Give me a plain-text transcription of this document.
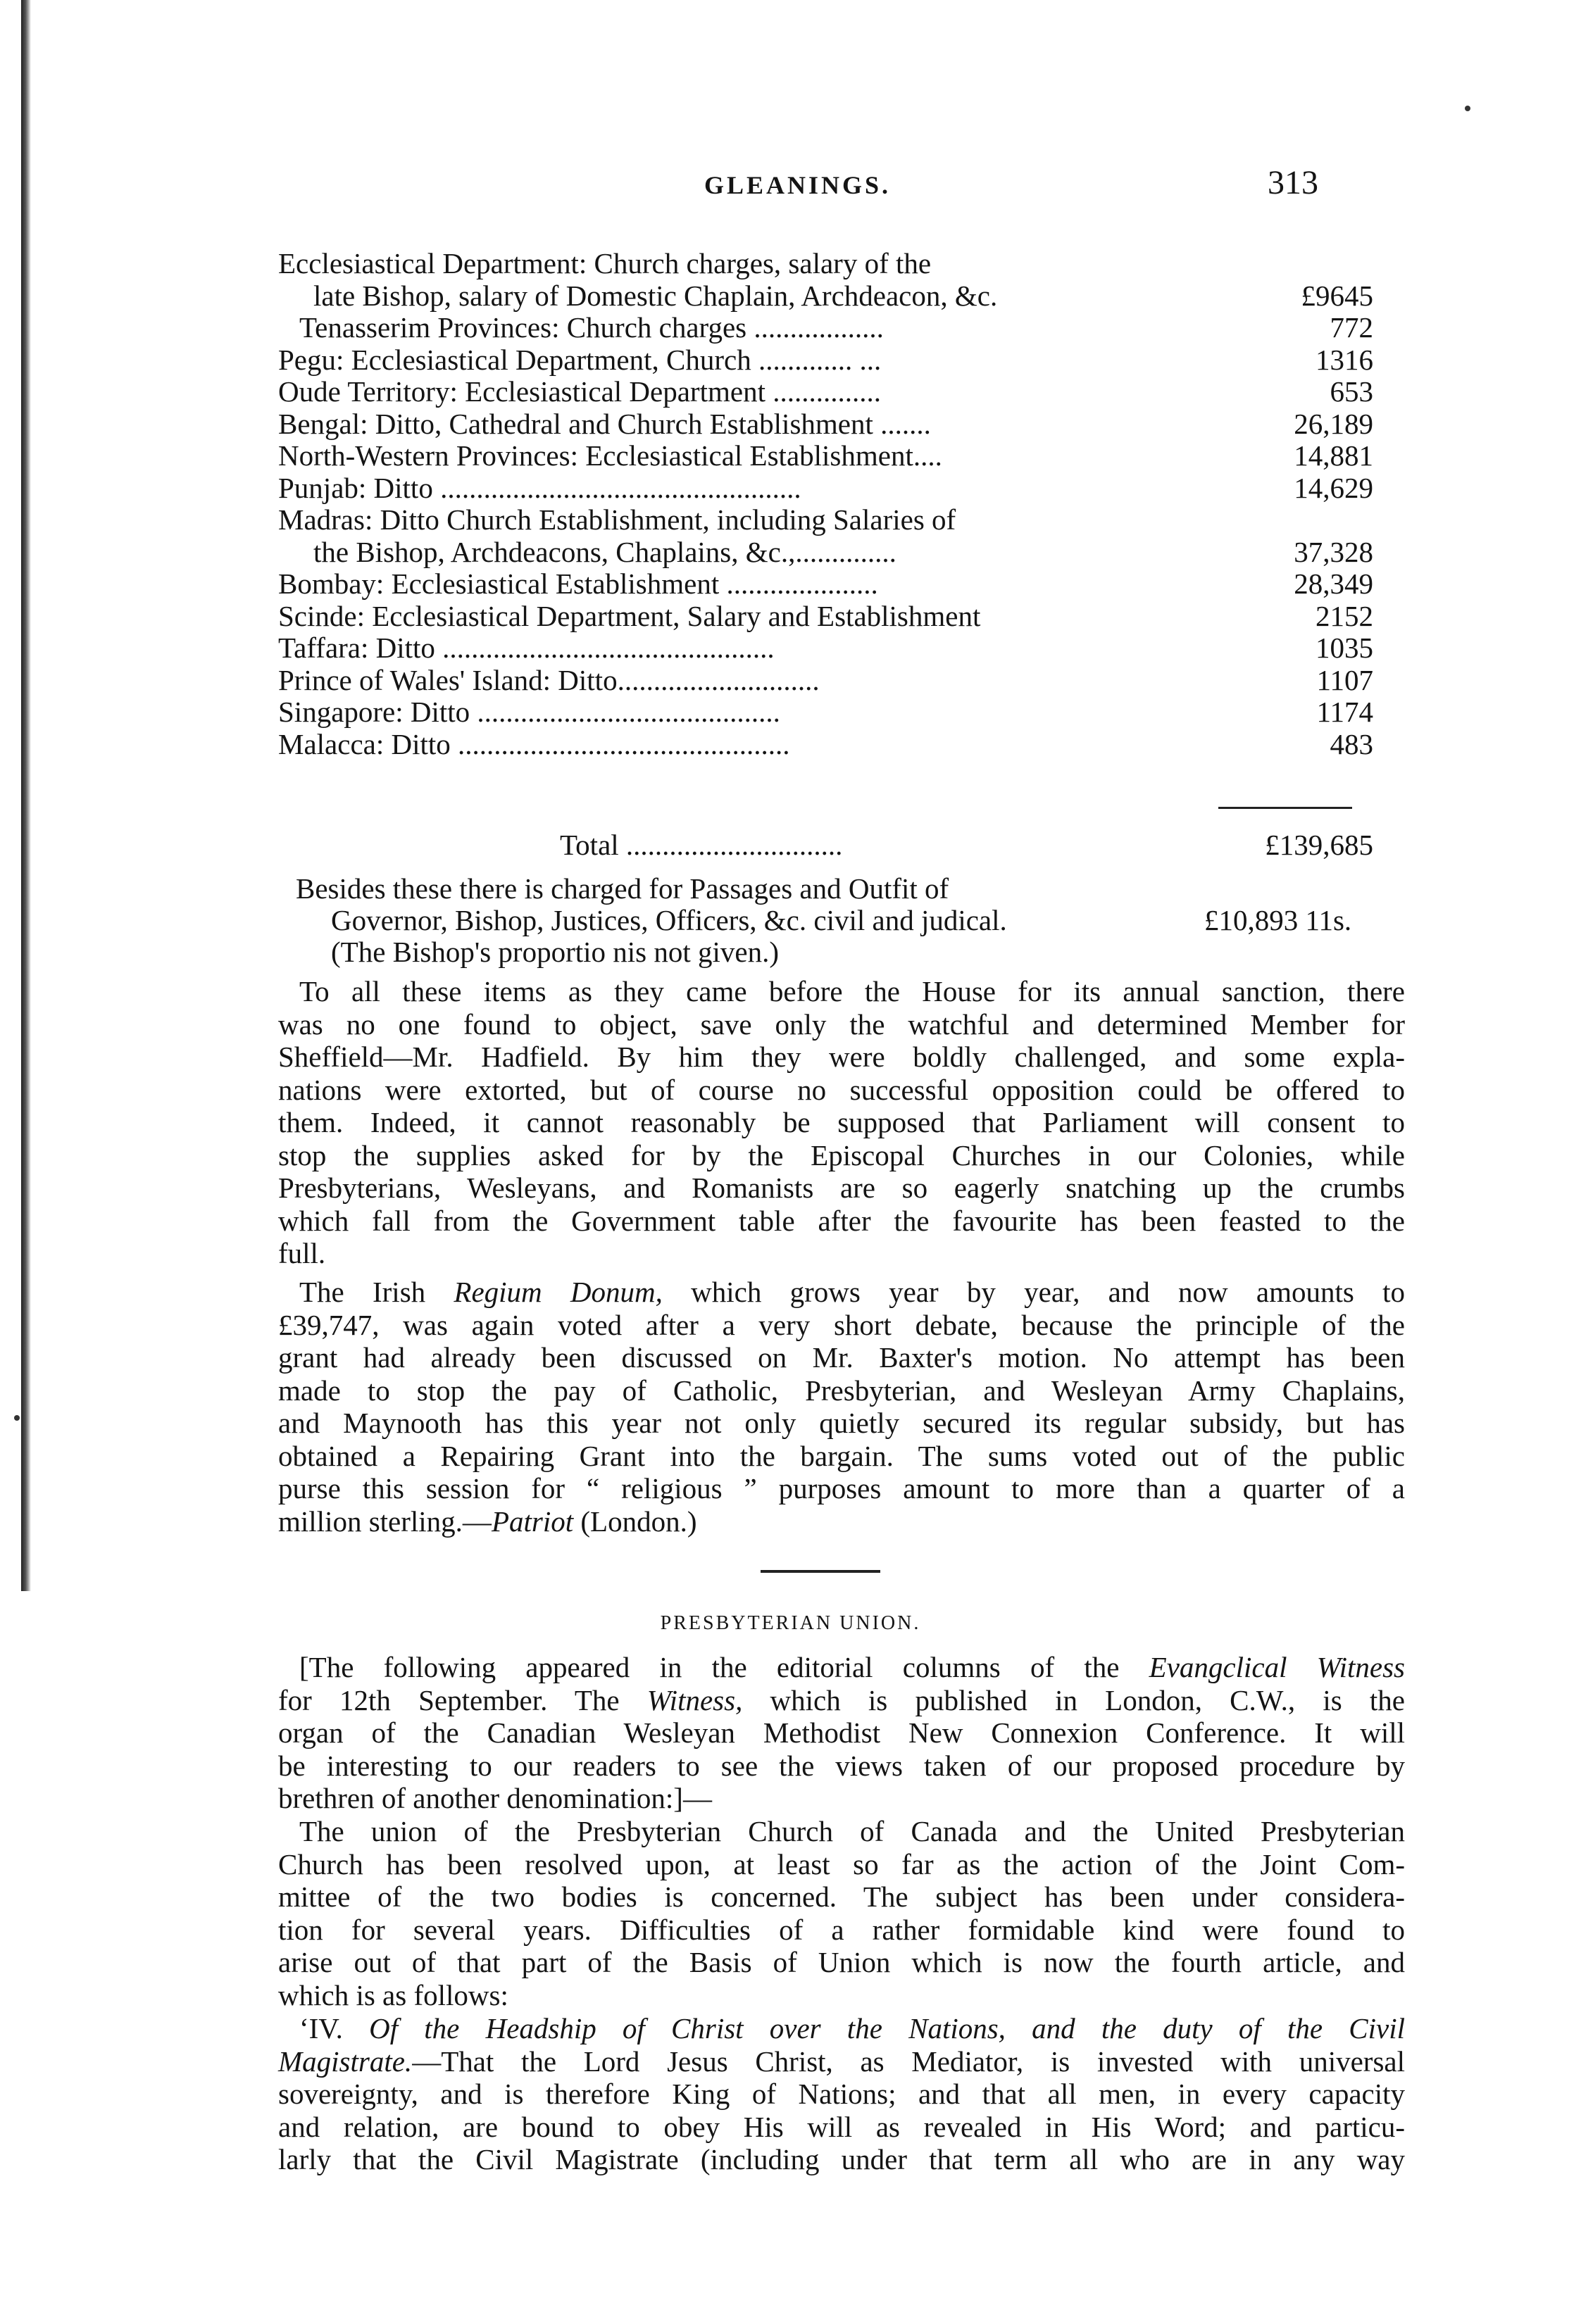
GLEANINGS.	313
Ecclesiastical Department: Church charges, salary of the
late Bishop, salary of Domestic Chaplain, Archdeacon, &c.	£9645
Tenasserim Provinces: Church charges ..................	772
Pegu: Ecclesiastical Department, Church ............. ...	1316
Oude Territory: Ecclesiastical Department ...............	653
Bengal: Ditto, Cathedral and Church Establishment .......	26,189
North-Western Provinces: Ecclesiastical Establishment....	14,881
Punjab: Ditto ..................................................	14,629
Madras: Ditto Church Establishment, including Salaries of
the Bishop, Archdeacons, Chaplains, &c.,..............	37,328
Bombay: Ecclesiastical Establishment .....................	28,349
Scinde: Ecclesiastical Department, Salary and Establishment	2152
Taffara: Ditto ..............................................	1035
Prince of Wales' Island: Ditto............................	1107
Singapore: Ditto ..........................................	1174
Malacca: Ditto ..............................................	483
Total ..............................	£139,685
Besides these there is charged for Passages and Outfit of
Governor, Bishop, Justices, Officers, &c. civil and judical.	£10,893 11s.
(The Bishop's proportio nis not given.)
To all these items as they came before the House for its annual sanction, there
was no one found to object, save only the watchful and determined Member for
Sheffield—Mr. Hadfield. By him they were boldly challenged, and some expla-
nations were extorted, but of course no successful opposition could be offered to
them. Indeed, it cannot reasonably be supposed that Parliament will consent to
stop the supplies asked for by the Episcopal Churches in our Colonies, while
Presbyterians, Wesleyans, and Romanists are so eagerly snatching up the crumbs
which fall from the Government table after the favourite has been feasted to the
full.
The Irish Regium Donum, which grows year by year, and now amounts to
£39,747, was again voted after a very short debate, because the principle of the
grant had already been discussed on Mr. Baxter's motion. No attempt has been
made to stop the pay of Catholic, Presbyterian, and Wesleyan Army Chaplains,
and Maynooth has this year not only quietly secured its regular subsidy, but has
obtained a Repairing Grant into the bargain. The sums voted out of the public
purse this session for “ religious ” purposes amount to more than a quarter of a
million sterling.—Patriot (London.)
PRESBYTERIAN UNION.
[The following appeared in the editorial columns of the Evangclical Witness
for 12th September. The Witness, which is published in London, C.W., is the
organ of the Canadian Wesleyan Methodist New Connexion Conference. It will
be interesting to our readers to see the views taken of our proposed procedure by
brethren of another denomination:]—
The union of the Presbyterian Church of Canada and the United Presbyterian
Church has been resolved upon, at least so far as the action of the Joint Com-
mittee of the two bodies is concerned. The subject has been under considera-
tion for several years. Difficulties of a rather formidable kind were found to
arise out of that part of the Basis of Union which is now the fourth article, and
which is as follows:
‘IV. Of the Headship of Christ over the Nations, and the duty of the Civil
Magistrate.—That the Lord Jesus Christ, as Mediator, is invested with universal
sovereignty, and is therefore King of Nations; and that all men, in every capacity
and relation, are bound to obey His will as revealed in His Word; and particu-
larly that the Civil Magistrate (including under that term all who are in any way
